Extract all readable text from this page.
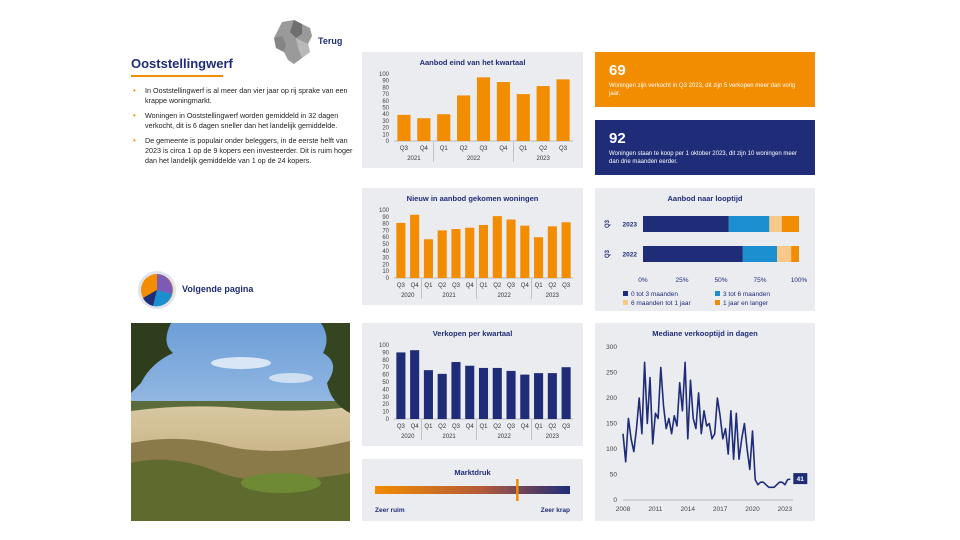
Terug
Ooststellingwerf
• In Ooststellingwerf is al meer dan vier jaar op rij sprake van een krappe woningmarkt.
• Woningen in Ooststellingwerf worden gemiddeld in 32 dagen verkocht, dit is 6 dagen sneller dan het landelijk gemiddelde.
• De gemeente is populair onder beleggers, in de eerste helft van 2023 is circa 1 op de 9 kopers een investeerder. Dit is ruim hoger dan het landelijk gemiddelde van 1 op de 24 kopers.
Volgende pagina
Aanbod eind van het kwartaal
0
10
20
30
40
50
60
70
80
90
100
Q3 Q4 Q1 Q2 Q3 Q4 Q1 Q2 Q3
2021	2022	2023
Nieuw in aanbod gekomen woningen
0
10
20
30
40
50
60
70
80
90
100
Q3 Q4 Q1 Q2 Q3 Q4 Q1 Q2 Q3 Q4 Q1 Q2 Q3
2020	2021	2022	2023
Verkopen per kwartaal
0
10
20
30
40
50
60
70
80
90
100
Q3 Q4 Q1 Q2 Q3 Q4 Q1 Q2 Q3 Q4 Q1 Q2 Q3
2020	2021	2022	2023
Marktdruk
Zeer ruim	Zeer krap
69
Woningen zijn verkocht in Q3 2023, dit zijn 5 verkopen meer dan vorig jaar.
92
Woningen staan te koop per 1 oktober 2023, dit zijn 10 woningen meer dan drie maanden eerder.
Aanbod naar looptijd
2023
Q3
2022
Q3
0%	25%	50%	75%	100%
0 tot 3 maanden	3 tot 6 maanden
6 maanden tot 1 jaar	1 jaar en langer
Mediane verkooptijd in dagen
0
50
100
150
200
250
300
2008	2011	2014	2017	2020	2023
41
